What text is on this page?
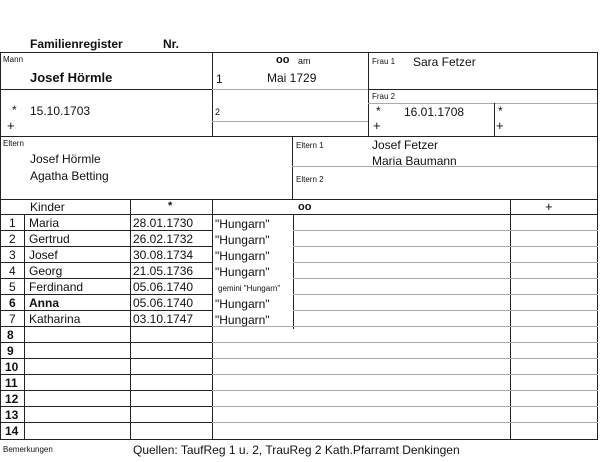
Familienregister	Nr.
Mann
Josef Hörmle
* 15.10.1703
+
oo am
1	Mai 1729
2
Frau 1 Sara Fetzer
Frau 2
* 16.01.1708
+
*
+
Eltern
Josef Hörmle
Agatha Betting
Eltern 1	Josef Fetzer
Maria Baumann
Eltern 2
Kinder	*	oo	+
1 Maria	28.01.1730 "Hungarn"
2 Gertrud	26.02.1732 "Hungarn"
3 Josef	30.08.1734 "Hungarn"
4 Georg	21.05.1736 "Hungarn"
5 Ferdinand	05.06.1740	gemini "Hungarn"
6 Anna	05.06.1740 "Hungarn"
7 Katharina	03.10.1747 "Hungarn"
8
9
10
11
12
13
14
Bemerkungen	Quellen: TaufReg 1 u. 2, TrauReg 2 Kath.Pfarramt Denkingen
